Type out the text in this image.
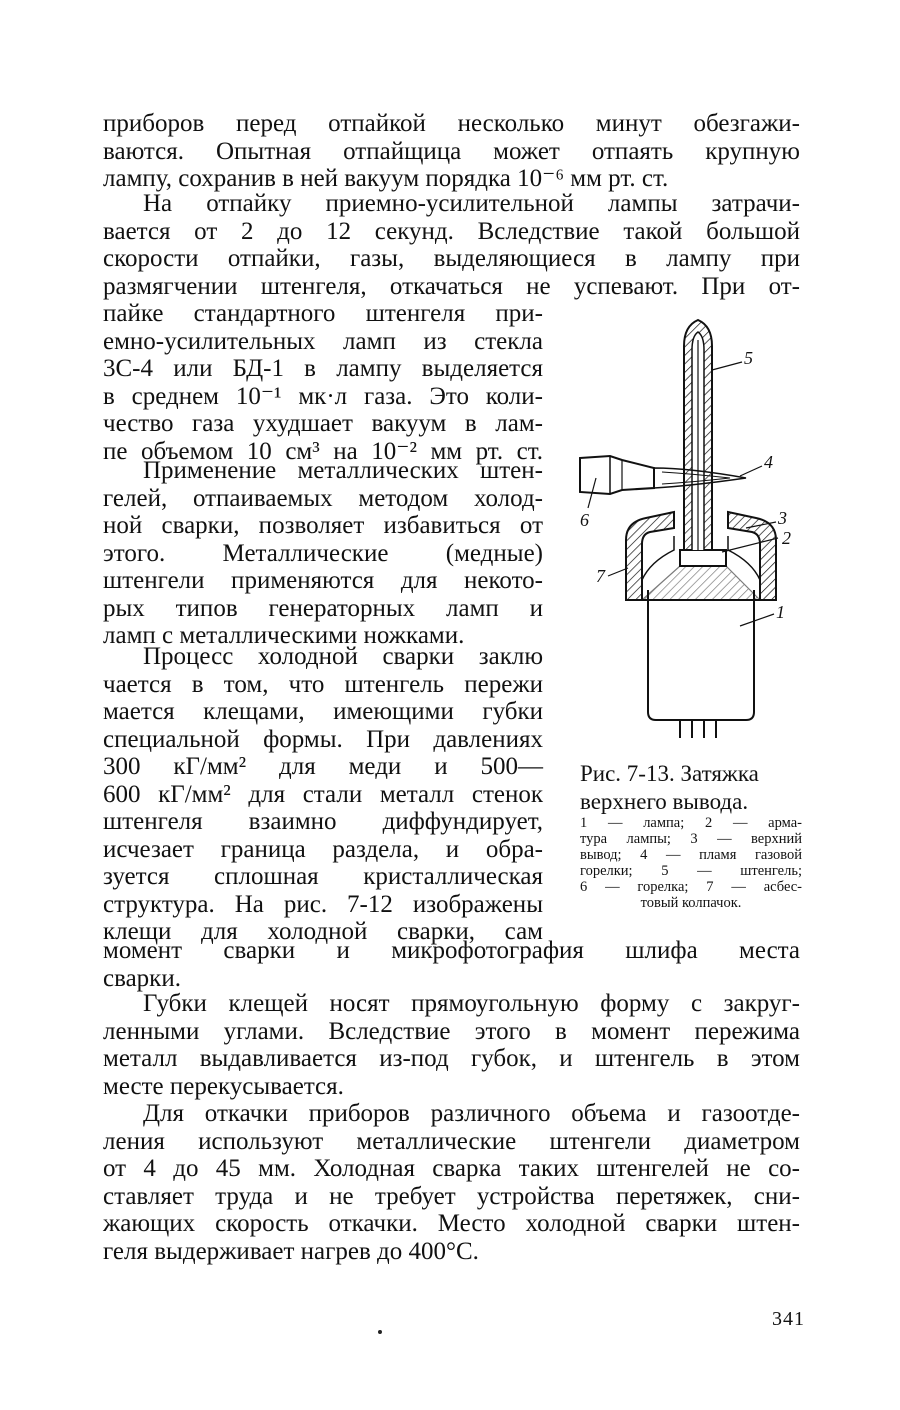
приборов перед отпайкой несколько минут обезгажи-
ваются. Опытная отпайщица может отпаять крупную
лампу, сохранив в ней вакуум порядка 10⁻⁶ мм рт. ст.
На отпайку приемно-усилительной лампы затрачи-
вается от 2 до 12 секунд. Вследствие такой большой
скорости отпайки, газы, выделяющиеся в лампу при
размягчении штенгеля, откачаться не успевают. При от-
пайке стандартного штенгеля при-
емно-усилительных ламп из стекла
3С-4 или БД-1 в лампу выделяется
в среднем 10⁻¹ мк·л газа. Это коли-
чество газа ухудшает вакуум в лам-
пе объемом 10 см³ на 10⁻² мм рт. ст.
Применение металлических штен-
гелей, отпаиваемых методом холод-
ной сварки, позволяет избавиться от
этого. Металлические (медные)
штенгели применяются для некото-
рых типов генераторных ламп и
ламп с металлическими ножками.
Процесс холодной сварки заклю
чается в том, что штенгель пережи
мается клещами, имеющими губки
специальной формы. При давлениях
300 кГ/мм² для меди и 500—
600 кГ/мм² для стали металл стенок
штенгеля взаимно диффундирует,
исчезает граница раздела, и обра-
зуется сплошная кристаллическая
структура. На рис. 7-12 изображены
клещи для холодной сварки, сам
момент сварки и микрофотография шлифа места
сварки.
Губки клещей носят прямоугольную форму с закруг-
ленными углами. Вследствие этого в момент пережима
металл выдавливается из-под губок, и штенгель в этом
месте перекусывается.
Для откачки приборов различного объема и газоотде-
ления используют металлические штенгели диаметром
от 4 до 45 мм. Холодная сварка таких штенгелей не со-
ставляет труда и не требует устройства перетяжек, сни-
жающих скорость откачки. Место холодной сварки штен-
геля выдерживает нагрев до 400°C.
5
4
3
2
1
6
7
Рис. 7-13. Затяжка верхнего вывода.
1 — лампа; 2 — арма-
тура лампы; 3 — верхний
вывод; 4 — пламя газовой
горелки; 5 — штенгель;
6 — горелка; 7 — асбес-
товый колпачок.
341
